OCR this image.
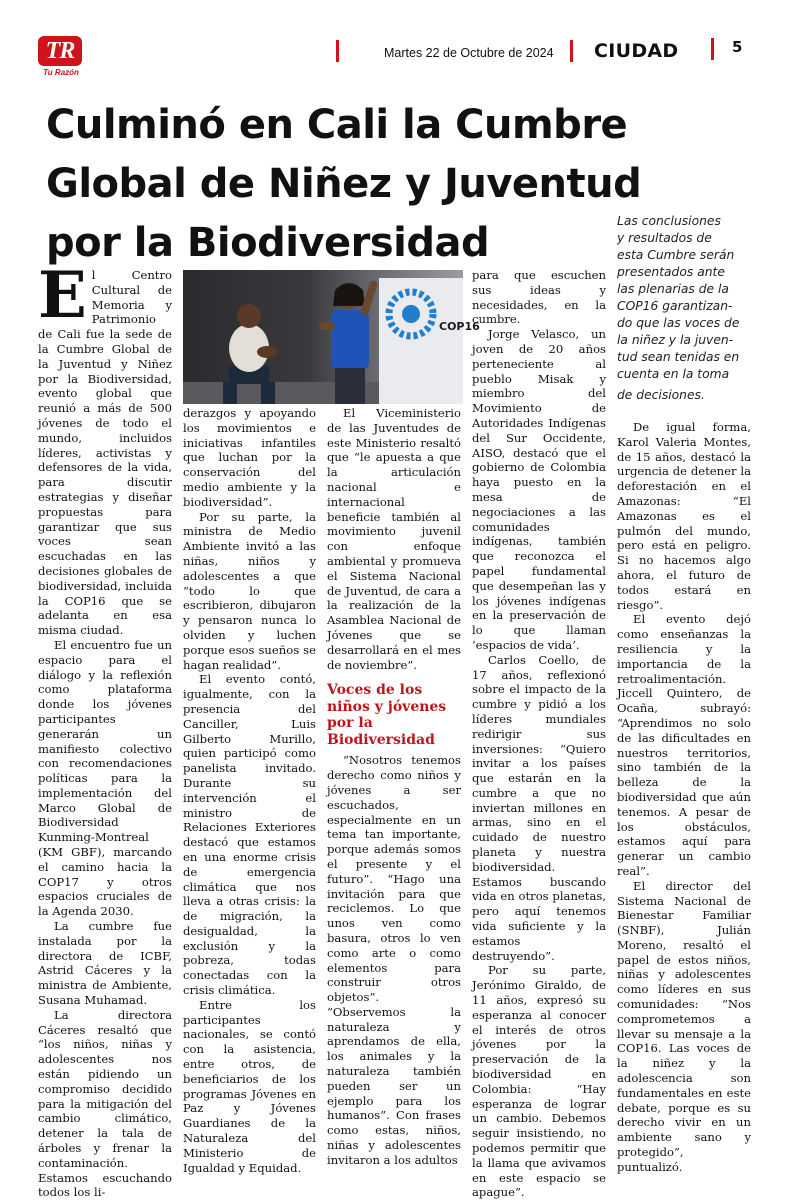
TR
Tu Razón
Martes 22 de Octubre de 2024 CIUDAD	5
Culminó en Cali la Cumbre
Global de Niñez y Juventud
por la Biodiversidad	Las conclusiones
y resultados de
esta Cumbre serán
presentados ante
las plenarias de la
COP16 garantizan-
do que las voces de
la niñez y la juven-
tud sean tenidas en
cuenta en la toma
de decisiones.
COP16

El Centro Cultural de Memoria y Patrimonio de Cali fue la sede de la Cumbre Global de la Juventud y Niñez por la Biodiversidad, evento global que reunió a más de 500 jóvenes de todo el mundo, incluidos líderes, activistas y defensores de la vida, para discutir estrategias y diseñar propuestas para garantizar que sus voces sean escuchadas en las decisiones globales de biodiversidad, incluida la COP16 que se adelanta en esa misma ciudad.

El encuentro fue un espacio para el diálogo y la reflexión como plataforma donde los jóvenes participantes generarán un manifiesto colectivo con recomendaciones políticas para la implementación del Marco Global de Biodiversidad Kunming-Montreal (KM GBF), marcando el camino hacia la COP17 y otros espacios cruciales de la Agenda 2030.

La cumbre fue instalada por la directora de ICBF, Astrid Cáceres y la ministra de Ambiente, Susana Muhamad.

La directora Cáceres resaltó que “los niños, niñas y adolescentes nos están pidiendo un compromiso decidido para la mitigación del cambio climático, detener la tala de árboles y frenar la contaminación. Estamos escuchando todos los li-

derazgos y apoyando los movimientos e iniciativas infantiles que luchan por la conservación del medio ambiente y la biodiversidad”.

Por su parte, la ministra de Medio Ambiente invitó a las niñas, niños y adolescentes a que “todo lo que escribieron, dibujaron y pensaron nunca lo olviden y luchen porque esos sueños se hagan realidad”.

El evento contó, igualmente, con la presencia del Canciller, Luis Gilberto Murillo, quien participó como panelista invitado. Durante su intervención el ministro de Relaciones Exteriores destacó que estamos en una enorme crisis de emergencia climática que nos lleva a otras crisis: la de migración, la desigualdad, la exclusión y la pobreza, todas conectadas con la crisis climática.

Entre los participantes nacionales, se contó con la asistencia, entre otros, de beneficiarios de los programas Jóvenes en Paz y Jóvenes Guardianes de la Naturaleza del Ministerio de Igualdad y Equidad.

El Viceministerio de las Juventudes de este Ministerio resaltó que “le apuesta a que la articulación nacional e internacional beneficie también al movimiento juvenil con enfoque ambiental y promueva el Sistema Nacional de Juventud, de cara a la realización de la Asamblea Nacional de Jóvenes que se desarrollará en el mes de noviembre”.

Voces de los niños y jóvenes por la Biodiversidad

“Nosotros tenemos derecho como niños y jóvenes a ser escuchados, especialmente en un tema tan importante, porque además somos el presente y el futuro”. “Hago una invitación para que reciclemos. Lo que unos ven como basura, otros lo ven como arte o como elementos para construir otros objetos”. “Observemos la naturaleza y aprendamos de ella, los animales y la naturaleza también pueden ser un ejemplo para los humanos”. Con frases como estas, niños, niñas y adolescentes invitaron a los adultos

para que escuchen sus ideas y necesidades, en la cumbre.

Jorge Velasco, un joven de 20 años perteneciente al pueblo Misak y miembro del Movimiento de Autoridades Indígenas del Sur Occidente, AISO, destacó que el gobierno de Colombia haya puesto en la mesa de negociaciones a las comunidades indígenas, también que reconozca el papel fundamental que desempeñan las y los jóvenes indígenas en la preservación de lo que llaman ‘espacios de vida’.

Carlos Coello, de 17 años, reflexionó sobre el impacto de la cumbre y pidió a los líderes mundiales redirigir sus inversiones: “Quiero invitar a los países que estarán en la cumbre a que no inviertan millones en armas, sino en el cuidado de nuestro planeta y nuestra biodiversidad. Estamos buscando vida en otros planetas, pero aquí tenemos vida suficiente y la estamos destruyendo”.

Por su parte, Jerónimo Giraldo, de 11 años, expresó su esperanza al conocer el interés de otros jóvenes por la preservación de la biodiversidad en Colombia: “Hay esperanza de lograr un cambio. Debemos seguir insistiendo, no podemos permitir que la llama que avivamos en este espacio se apague”.

De igual forma, Karol Valeria Montes, de 15 años, destacó la urgencia de detener la deforestación en el Amazonas: “El Amazonas es el pulmón del mundo, pero está en peligro. Si no hacemos algo ahora, el futuro de todos estará en riesgo”.

El evento dejó como enseñanzas la resiliencia y la importancia de la retroalimentación. Jiccell Quintero, de Ocaña, subrayó: “Aprendimos no solo de las dificultades en nuestros territorios, sino también de la belleza de la biodiversidad que aún tenemos. A pesar de los obstáculos, estamos aquí para generar un cambio real”.

El director del Sistema Nacional de Bienestar Familiar (SNBF), Julián Moreno, resaltó el papel de estos niños, niñas y adolescentes como líderes en sus comunidades: “Nos comprometemos a llevar su mensaje a la COP16. Las voces de la niñez y la adolescencia son fundamentales en este debate, porque es su derecho vivir en un ambiente sano y protegido”, puntualizó.
